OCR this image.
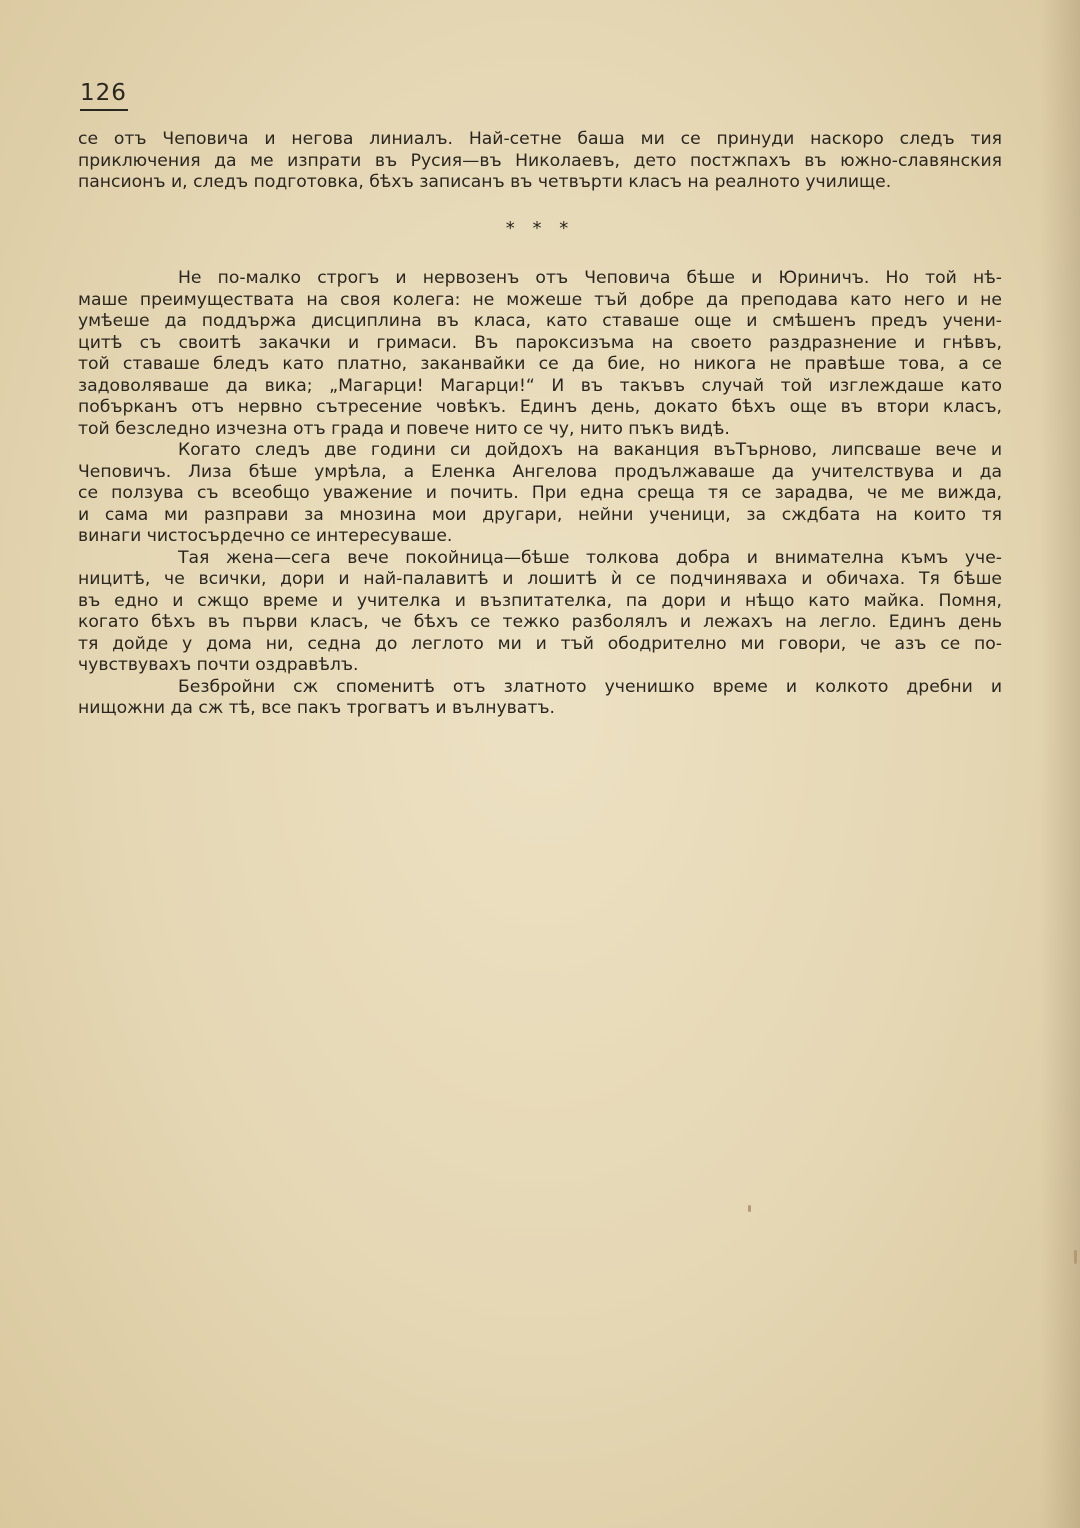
126
се отъ Чеповича и негова линиалъ. Най-сетне баша ми се принуди наскоро следъ тия
приключения да ме изпрати въ Русия—въ Николаевъ, дето постжпахъ въ южно-славянския
пансионъ и, следъ подготовка, бѣхъ записанъ въ четвърти класъ на реалното училище.
* * *
Не по-малко строгъ и нервозенъ отъ Чеповича бѣше и Юриничъ. Но той нѣ-
маше преимуществата на своя колега: не можеше тъй добре да преподава като него и не
умѣеше да поддържа дисциплина въ класа, като ставаше още и смѣшенъ предъ учени-
цитѣ съ своитѣ закачки и гримаси. Въ пароксизъма на своето раздразнение и гнѣвъ,
той ставаше бледъ като платно, заканвайки се да бие, но никога не правѣше това, а се
задоволяваше да вика; „Магарци! Магарци!“ И въ такъвъ случай той изглеждаше като
побърканъ отъ нервно сътресение човѣкъ. Единъ день, докато бѣхъ още въ втори класъ,
той безследно изчезна отъ града и повече нито се чу, нито пъкъ видѣ.
Когато следъ две години си дойдохъ на ваканция въТърново, липсваше вече и
Чеповичъ. Лиза бѣше умрѣла, а Еленка Ангелова продължаваше да учителствува и да
се ползува съ всеобщо уважение и почить. При една среща тя се зарадва, че ме вижда,
и сама ми разправи за мнозина мои другари, нейни ученици, за сждбата на които тя
винаги чистосърдечно се интересуваше.
Тая жена—сега вече покойница—бѣше толкова добра и внимателна къмъ уче-
ницитѣ, че всички, дори и най-палавитѣ и лошитѣ ѝ се подчиняваха и обичаха. Тя бѣше
въ едно и сжщо време и учителка и възпитателка, па дори и нѣщо като майка. Помня,
когато бѣхъ въ първи класъ, че бѣхъ се тежко разболялъ и лежахъ на легло. Единъ день
тя дойде у дома ни, седна до леглото ми и тъй ободрително ми говори, че азъ се по-
чувствувахъ почти оздравѣлъ.
Безбройни сж споменитѣ отъ златното ученишко време и колкото дребни и
нищожни да сж тѣ, все пакъ трогватъ и вълнуватъ.
